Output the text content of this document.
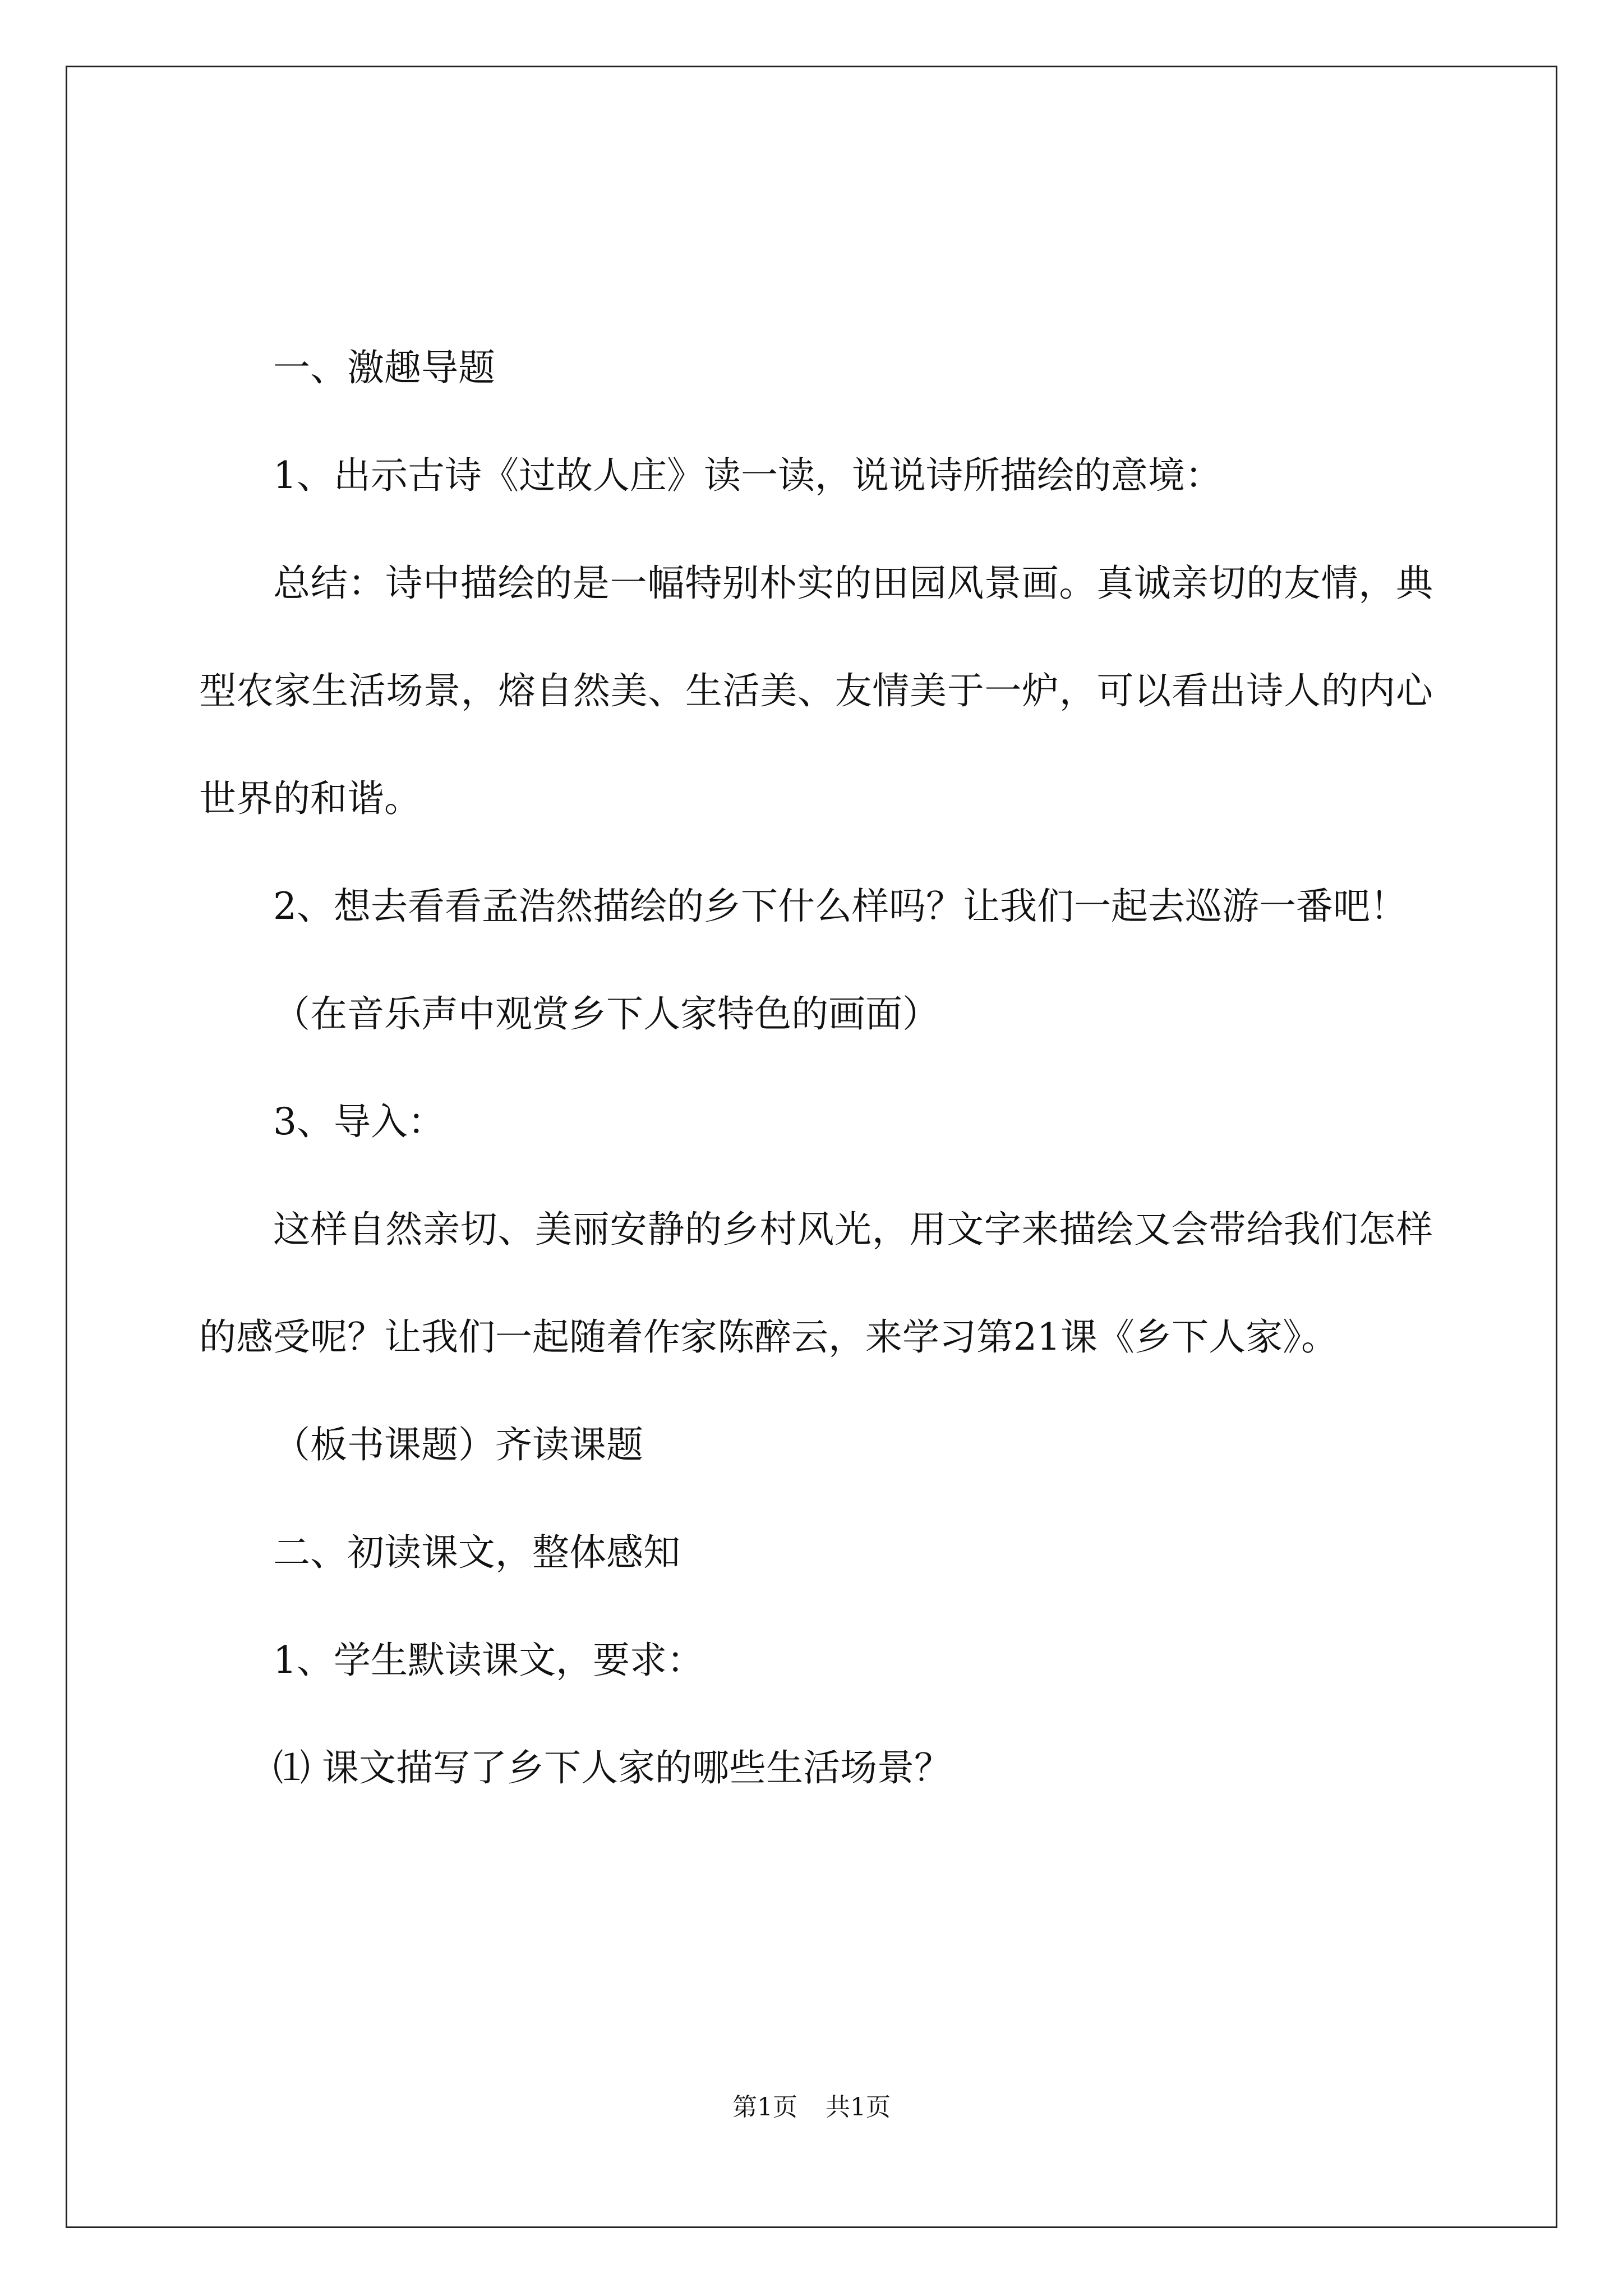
一、激趣导题

1、出示古诗《过故人庄》读一读，说说诗所描绘的意境：

总结：诗中描绘的是一幅特别朴实的田园风景画。真诚亲切的友情，典型农家生活场景，熔自然美、生活美、友情美于一炉，可以看出诗人的内心世界的和谐。

2、想去看看孟浩然描绘的乡下什么样吗？让我们一起去巡游一番吧！

（在音乐声中观赏乡下人家特色的画面）

3、导入：

这样自然亲切、美丽安静的乡村风光，用文字来描绘又会带给我们怎样的感受呢？让我们一起随着作家陈醉云，来学习第21课《乡下人家》。

（板书课题）齐读课题

二、初读课文，整体感知

1、学生默读课文，要求：

⑴ 课文描写了乡下人家的哪些生活场景？

第1页 共1页
